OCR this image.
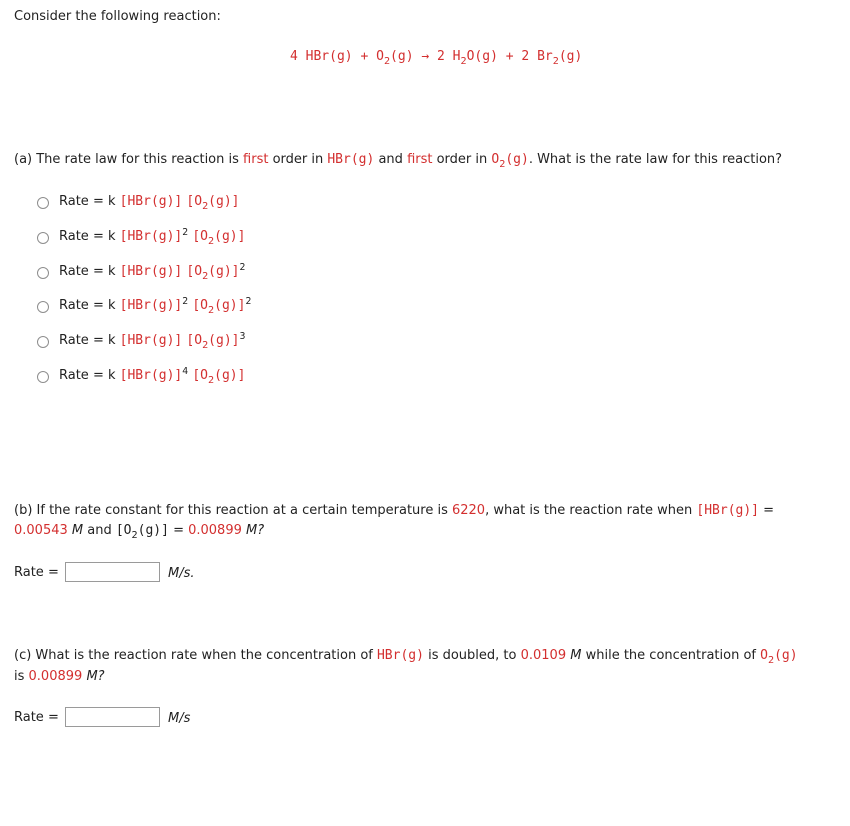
Consider the following reaction:
4 $HBr(g) + O_2(g) \to 2$ $H_2O(g) + 2$ $Br_2(g)$
(a) The rate law for this reaction is first order in HBr(g) and first order in $O_2(g)$. What is the rate law for this reaction?
Rate = k [HBr(g)] $[O_2(g)]$
Rate = k $[HBr(g)]^2$ $[O_2(g)]$
Rate = k [HBr(g)] $[O_2(g)]^2$
Rate = k $[HBr(g)]^2$ $[O_2(g)]^2$
Rate = k [HBr(g)] $[O_2(g)]^3$
Rate = k $[HBr(g)]^4$ $[O_2(g)]$
(b) If the rate constant for this reaction at a certain temperature is 6220, what is the reaction rate when [HBr(g)] =
0.00543 M and $[O_2(g)] = 0.00899$ M?
Rate =	M/s.
(c) What is the reaction rate when the concentration of HBr(g) is doubled, to 0.0109 M while the concentration of $O_2(g)$
is 0.00899 M?
Rate =	M/s
